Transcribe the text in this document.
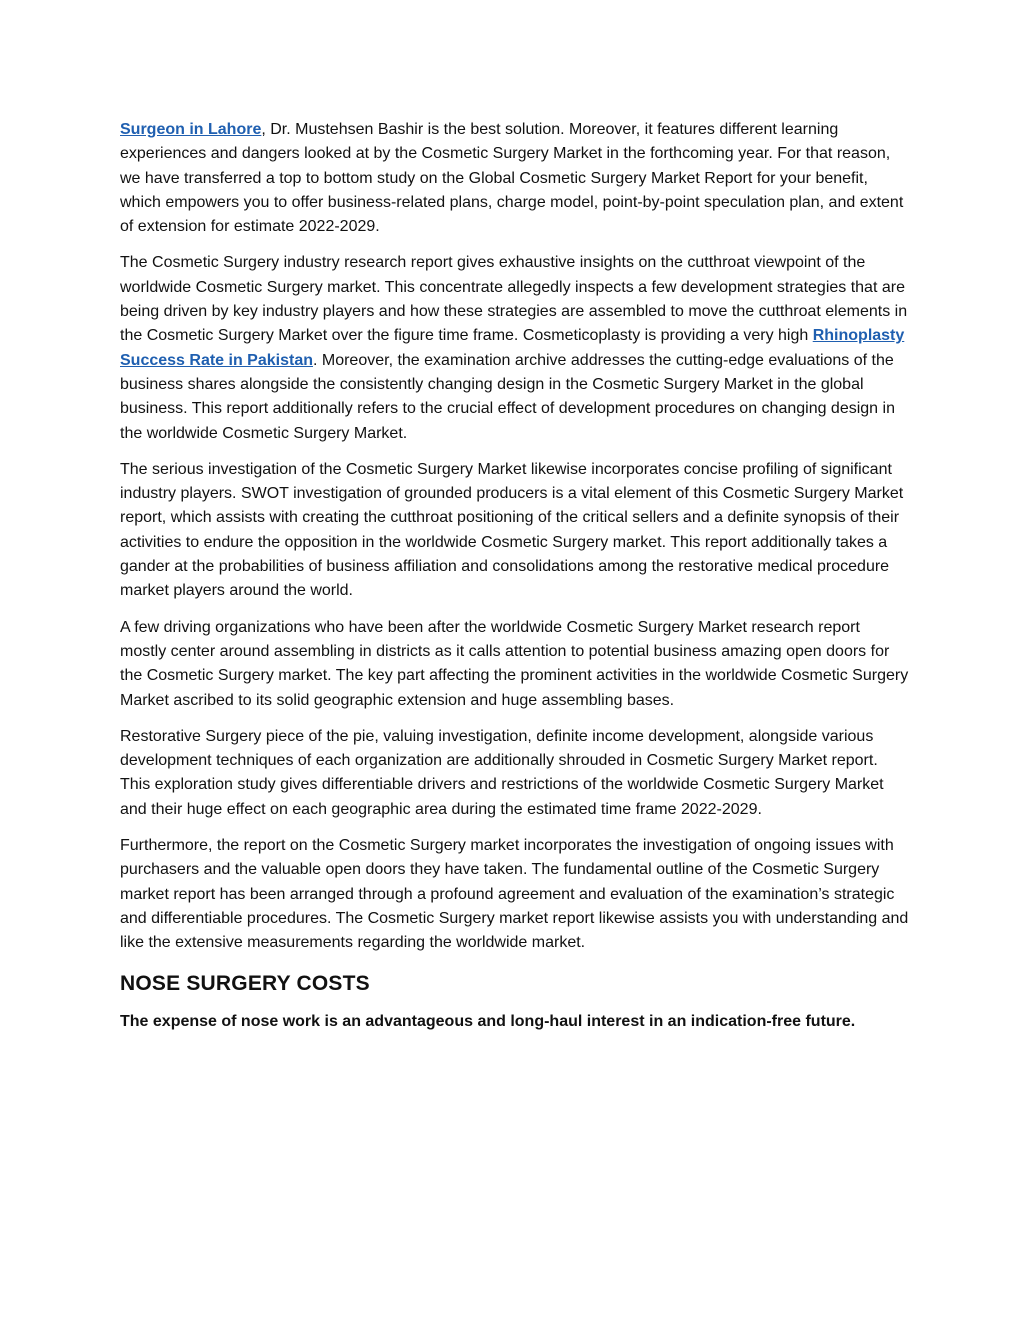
Surgeon in Lahore, Dr. Mustehsen Bashir is the best solution. Moreover, it features different learning experiences and dangers looked at by the Cosmetic Surgery Market in the forthcoming year. For that reason, we have transferred a top to bottom study on the Global Cosmetic Surgery Market Report for your benefit, which empowers you to offer business-related plans, charge model, point-by-point speculation plan, and extent of extension for estimate 2022-2029.

The Cosmetic Surgery industry research report gives exhaustive insights on the cutthroat viewpoint of the worldwide Cosmetic Surgery market. This concentrate allegedly inspects a few development strategies that are being driven by key industry players and how these strategies are assembled to move the cutthroat elements in the Cosmetic Surgery Market over the figure time frame. Cosmeticoplasty is providing a very high Rhinoplasty Success Rate in Pakistan. Moreover, the examination archive addresses the cutting-edge evaluations of the business shares alongside the consistently changing design in the Cosmetic Surgery Market in the global business. This report additionally refers to the crucial effect of development procedures on changing design in the worldwide Cosmetic Surgery Market.

The serious investigation of the Cosmetic Surgery Market likewise incorporates concise profiling of significant industry players. SWOT investigation of grounded producers is a vital element of this Cosmetic Surgery Market report, which assists with creating the cutthroat positioning of the critical sellers and a definite synopsis of their activities to endure the opposition in the worldwide Cosmetic Surgery market. This report additionally takes a gander at the probabilities of business affiliation and consolidations among the restorative medical procedure market players around the world.

A few driving organizations who have been after the worldwide Cosmetic Surgery Market research report mostly center around assembling in districts as it calls attention to potential business amazing open doors for the Cosmetic Surgery market. The key part affecting the prominent activities in the worldwide Cosmetic Surgery Market ascribed to its solid geographic extension and huge assembling bases.

Restorative Surgery piece of the pie, valuing investigation, definite income development, alongside various development techniques of each organization are additionally shrouded in Cosmetic Surgery Market report. This exploration study gives differentiable drivers and restrictions of the worldwide Cosmetic Surgery Market and their huge effect on each geographic area during the estimated time frame 2022-2029.

Furthermore, the report on the Cosmetic Surgery market incorporates the investigation of ongoing issues with purchasers and the valuable open doors they have taken. The fundamental outline of the Cosmetic Surgery market report has been arranged through a profound agreement and evaluation of the examination’s strategic and differentiable procedures. The Cosmetic Surgery market report likewise assists you with understanding and like the extensive measurements regarding the worldwide market.

NOSE SURGERY COSTS

The expense of nose work is an advantageous and long-haul interest in an indication-free future.
